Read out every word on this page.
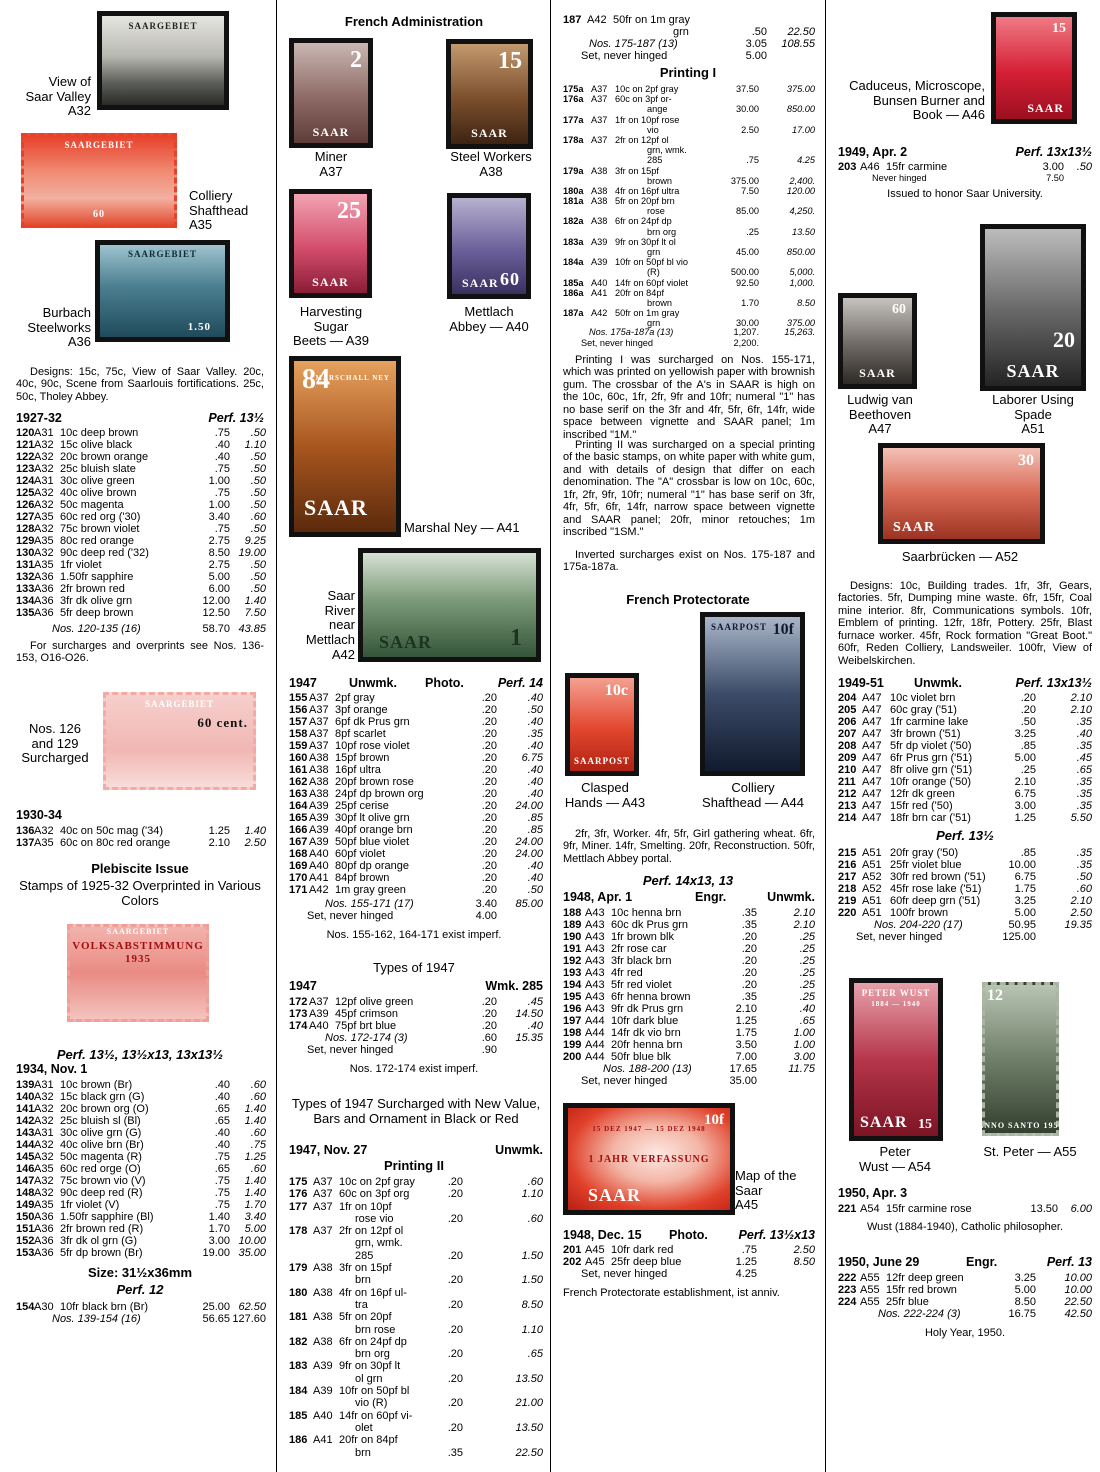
SAARGEBIET
View of
Saar Valley
A32
SAARGEBIET
60
Colliery
Shafthead
A35
SAARGEBIET
1.50
Burbach
Steelworks
A36
Designs: 15c, 75c, View of Saar Valley. 20c, 40c, 90c, Scene from Saarlouis fortifications. 25c, 50c, Tholey Abbey.
1927-32	Perf. 13½
120 A31 10c deep brown	.75 .50
121 A32 15c olive black	.40 1.10
122 A32 20c brown orange	.40 .50
123 A32 25c bluish slate	.75 .50
124 A31 30c olive green	1.00 .50
125 A32 40c olive brown	.75 .50
126 A32 50c magenta	1.00 .50
127 A35 60c red org ('30)	3.40 .60
128 A32 75c brown violet	.75 .50
129 A35 80c red orange	2.75 9.25
130 A32 90c deep red ('32)	8.50 19.00
131 A35 1fr violet	2.75 .50
132 A36 1.50fr sapphire	5.00 .50
133 A36 2fr brown red	6.00 .50
134 A36 3fr dk olive grn	12.00 1.40
135 A36 5fr deep brown	12.50 7.50
Nos. 120-135 (16)	58.70 43.85
For surcharges and overprints see Nos. 136-153, O16-O26.
SAARGEBIET
60 cent.
Nos. 126
and 129
Surcharged
1930-34
136 A32 40c on 50c mag ('34)	1.25 1.40
137 A35 60c on 80c red orange	2.10 2.50
Plebiscite Issue
Stamps of 1925-32 Overprinted in Various Colors
SAARGEBIET
VOLKSABSTIMMUNG
1935
Perf. 13½, 13½x13, 13x13½
1934, Nov. 1
139 A31 10c brown (Br)	.40 .60
140 A32 15c black grn (G)	.40 .60
141 A32 20c brown org (O)	.65 1.40
142 A32 25c bluish sl (Bl)	.65 1.40
143 A31 30c olive grn (G)	.40 .60
144 A32 40c olive brn (Br)	.40 .75
145 A32 50c magenta (R)	.75 1.25
146 A35 60c red orge (O)	.65 .60
147 A32 75c brown vio (V)	.75 1.40
148 A32 90c deep red (R)	.75 1.40
149 A35 1fr violet (V)	.75 1.70
150 A36 1.50fr sapphire (Bl)	1.40 3.40
151 A36 2fr brown red (R)	1.70 5.00
152 A36 3fr dk ol grn (G)	3.00 10.00
153 A36 5fr dp brown (Br)	19.00 35.00
Size: 31½x36mm
Perf. 12
154 A30 10fr black brn (Br)	25.00 62.50
Nos. 139-154 (16)	56.65 127.60
French Administration
2
SAAR
Miner
A37
15
SAAR
Steel Workers
A38
25
SAAR
Harvesting
Sugar
Beets — A39
SAAR 60
Mettlach
Abbey — A40
84
MARSCHALL NEY
SAAR
Marshal Ney — A41
SAAR	1
Saar
River
near
Mettlach
A42
1947	Unwmk. Photo.	Perf. 14
155 A37 2pf gray	.20	.40
156 A37 3pf orange	.20	.50
157 A37 6pf dk Prus grn	.20	.40
158 A37 8pf scarlet	.20	.35
159 A37 10pf rose violet	.20	.40
160 A38 15pf brown	.20 6.75
161 A38 16pf ultra	.20	.40
162 A38 20pf brown rose	.20	.40
163 A38 24pf dp brown org	.20	.40
164 A39 25pf cerise	.20 24.00
165 A39 30pf lt olive grn	.20	.85
166 A39 40pf orange brn	.20	.85
167 A39 50pf blue violet	.20 24.00
168 A40 60pf violet	.20 24.00
169 A40 80pf dp orange	.20	.40
170 A41 84pf brown	.20	.40
171 A42 1m gray green	.20	.50
Nos. 155-171 (17)	3.40 85.00
Set, never hinged	4.00
Nos. 155-162, 164-171 exist imperf.
Types of 1947
1947	Wmk. 285
172 A37 12pf olive green	.20	.45
173 A39 45pf crimson	.20 14.50
174 A40 75pf brt blue	.20	.40
Nos. 172-174 (3)	.60 15.35
Set, never hinged	.90
Nos. 172-174 exist imperf.
Types of 1947 Surcharged with New Value, Bars and Ornament in Black or Red
1947, Nov. 27	Unwmk.
Printing II
175 A37 10c on 2pf gray	.20	.60
176 A37 60c on 3pf org	.20	1.10
177 A37 1fr on 10pf
rose vio	.20	.60
178 A37 2fr on 12pf ol
grn, wmk.
285	.20	1.50
179 A38 3fr on 15pf
brn	.20	1.50
180 A38 4fr on 16pf ul-
tra	.20	8.50
181 A38 5fr on 20pf
brn rose	.20	1.10
182 A38 6fr on 24pf dp
brn org	.20	.65
183 A39 9fr on 30pf lt
ol grn	.20	13.50
184 A39 10fr on 50pf bl
vio (R)	.20	21.00
185 A40 14fr on 60pf vi-
olet	.20	13.50
186 A41 20fr on 84pf
brn	.35	22.50
187 A42 50fr on 1m gray
grn	.50 22.50
Nos. 175-187 (13)	3.05 108.55
Set, never hinged	5.00
Printing I
175a A37 10c on 2pf gray	37.50	375.00
176a A37 60c on 3pf or-
ange	30.00	850.00
177a A37 1fr on 10pf rose
vio	2.50	17.00
178a A37 2fr on 12pf ol
grn, wmk.
285	.75	4.25
179a A38 3fr on 15pf
brown	375.00	2,400.
180a A38 4fr on 16pf ultra	7.50	120.00
181a A38 5fr on 20pf brn
rose	85.00	4,250.
182a A38 6fr on 24pf dp
brn org	.25	13.50
183a A39 9fr on 30pf lt ol
grn	45.00	850.00
184a A39 10fr on 50pf bl vio
(R)	500.00	5,000.
185a A40 14fr on 60pf violet	92.50	1,000.
186a A41 20fr on 84pf
brown	1.70	8.50
187a A42 50fr on 1m gray
grn	30.00	375.00
Nos. 175a-187a (13)	1,207.	15,263.
Set, never hinged	2,200.
Printing I was surcharged on Nos. 155-171, which was printed on yellowish paper with brownish gum. The crossbar of the A's in SAAR is high on the 10c, 60c, 1fr, 2fr, 9fr and 10fr; numeral "1" has no base serif on the 3fr and 4fr, 5fr, 6fr, 14fr, wide space between vignette and SAAR panel; 1m inscribed "1M."
Printing II was surcharged on a special printing of the basic stamps, on white paper with white gum, and with details of design that differ on each denomination. The "A" crossbar is low on 10c, 60c, 1fr, 2fr, 9fr, 10fr; numeral "1" has base serif on 3fr, 4fr, 5fr, 6fr, 14fr, narrow space between vignette and SAAR panel; 20fr, minor retouches; 1m inscribed "1SM."
Inverted surcharges exist on Nos. 175-187 and 175a-187a.
French Protectorate
10c
SAARPOST
Clasped
Hands — A43
SAARPOST 10f
Colliery
Shafthead — A44
2fr, 3fr, Worker. 4fr, 5fr, Girl gathering wheat. 6fr, 9fr, Miner. 14fr, Smelting. 20fr, Reconstruction. 50fr, Mettlach Abbey portal.
Perf. 14x13, 13
1948, Apr. 1	Engr.	Unwmk.
188 A43 10c henna brn	.35	2.10
189 A43 60c dk Prus grn	.35	2.10
190 A43 1fr brown blk	.20	.25
191 A43 2fr rose car	.20	.25
192 A43 3fr black brn	.20	.25
193 A43 4fr red	.20	.25
194 A43 5fr red violet	.20	.25
195 A43 6fr henna brown	.35	.25
196 A43 9fr dk Prus grn	2.10	.40
197 A44 10fr dark blue	1.25	.65
198 A44 14fr dk vio brn	1.75	1.00
199 A44 20fr henna brn	3.50	1.00
200 A44 50fr blue blk	7.00	3.00
Nos. 188-200 (13)	17.65	11.75
Set, never hinged	35.00
15 DEZ 1947 — 15 DEZ 1948
1 JAHR VERFASSUNG
10f
SAAR
Map of the
Saar
A45
1948, Dec. 15 Photo. Perf. 13½x13
201 A45 10fr dark red	.75	2.50
202 A45 25fr deep blue	1.25	8.50
Set, never hinged	4.25
French Protectorate establishment, ist anniv.
15
SAAR
Caduceus, Microscope,
Bunsen Burner and
Book — A46
1949, Apr. 2	Perf. 13x13½
203 A46 15fr carmine	3.00 .50
Never hinged	7.50
Issued to honor Saar University.
60
SAAR
Ludwig van
Beethoven
A47
20
SAAR
Laborer Using
Spade
A51
30
SAAR
Saarbrücken — A52
Designs: 10c, Building trades. 1fr, 3fr, Gears, factories. 5fr, Dumping mine waste. 6fr, 15fr, Coal mine interior. 8fr, Communications symbols. 10fr, Emblem of printing. 12fr, 18fr, Pottery. 25fr, Blast furnace worker. 45fr, Rock formation "Great Boot." 60fr, Reden Colliery, Landsweiler. 100fr, View of Weibelskirchen.
1949-51 Unwmk.	Perf. 13x13½
204 A47 10c violet brn	.20	2.10
205 A47 60c gray ('51)	.20	2.10
206 A47 1fr carmine lake	.50	.35
207 A47 3fr brown ('51)	3.25	.40
208 A47 5fr dp violet ('50)	.85	.35
209 A47 6fr Prus grn ('51)	5.00	.45
210 A47 8fr olive grn ('51)	.25	.65
211 A47 10fr orange ('50)	2.10	.35
212 A47 12fr dk green	6.75	.35
213 A47 15fr red ('50)	3.00	.35
214 A47 18fr brn car ('51)	1.25	5.50
Perf. 13½
215 A51 20fr gray ('50)	.85	.35
216 A51 25fr violet blue	10.00	.35
217 A52 30fr red brown ('51)	6.75	.50
218 A52 45fr rose lake ('51)	1.75	.60
219 A51 60fr deep grn ('51)	3.25	2.10
220 A51 100fr brown	5.00	2.50
Nos. 204-220 (17)	50.95	19.35
Set, never hinged	125.00
PETER WUST
1884 — 1940
SAAR 15
Peter
Wust — A54
12
ANNO SANTO 1950
St. Peter — A55
1950, Apr. 3
221 A54 15fr carmine rose	13.50 6.00
Wust (1884-1940), Catholic philosopher.
1950, June 29	Engr.	Perf. 13
222 A55 12fr deep green	3.25	10.00
223 A55 15fr red brown	5.00	10.00
224 A55 25fr blue	8.50	22.50
Nos. 222-224 (3)	16.75	42.50
Holy Year, 1950.
